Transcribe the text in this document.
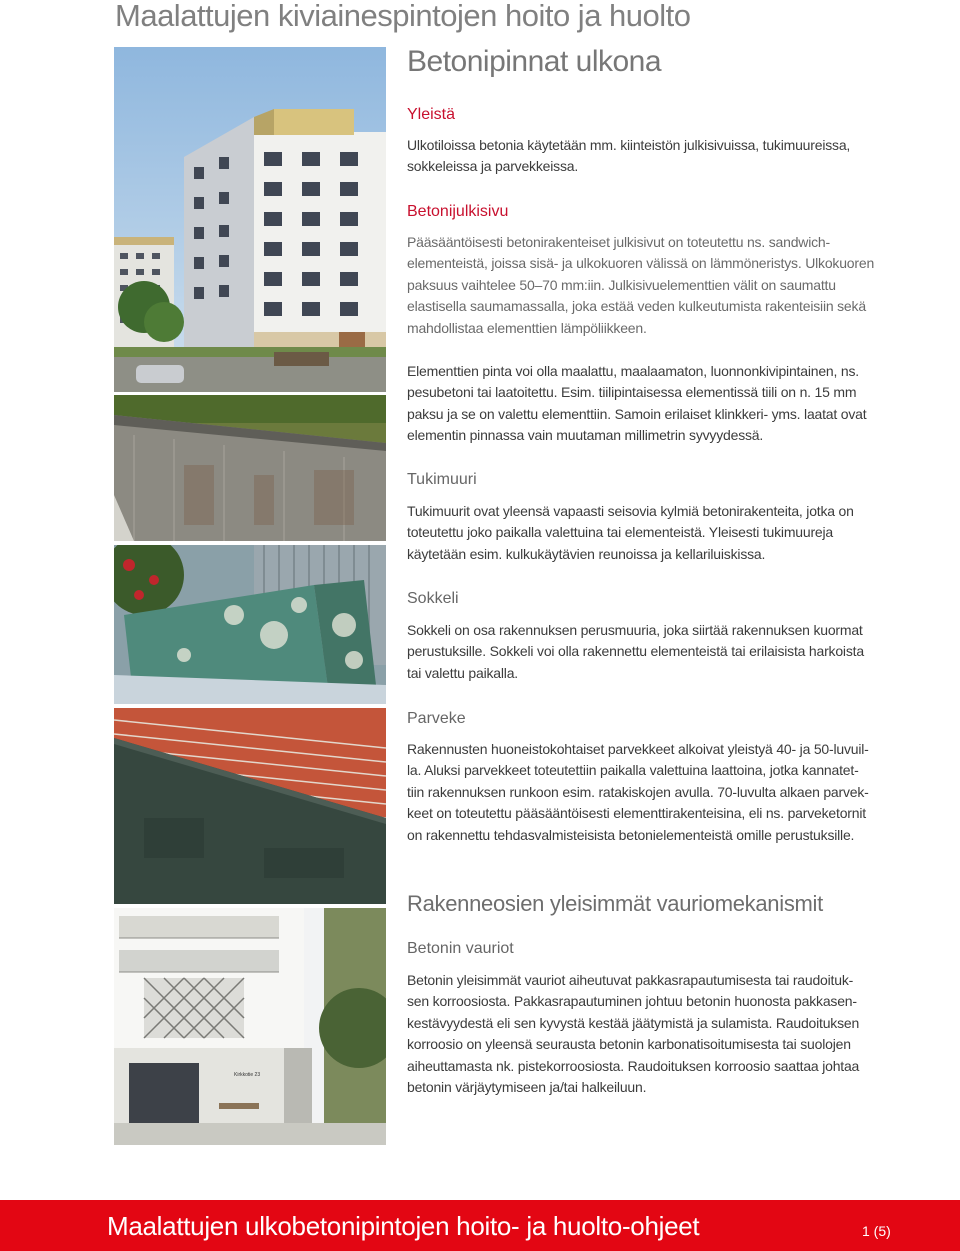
Maalattujen kiviainespintojen hoito ja huolto
Kirkkotie 23
Betonipinnat ulkona
Yleistä
Ulkotiloissa betonia käytetään mm. kiinteistön julkisivuissa, tukimuureissa,
sokkeleissa ja parvekkeissa.
Betonijulkisivu
Pääsääntöisesti betonirakenteiset julkisivut on toteutettu ns. sandwich-
elementeistä, joissa sisä- ja ulkokuoren välissä on lämmöneristys. Ulkokuoren
paksuus vaihtelee 50–70 mm:iin. Julkisivuelementtien välit on saumattu
elastisella saumamassalla, joka estää veden kulkeutumista rakenteisiin sekä
mahdollistaa elementtien lämpöliikkeen.
Elementtien pinta voi olla maalattu, maalaamaton, luonnonkivipintainen, ns.
pesubetoni tai laatoitettu. Esim. tiilipintaisessa elementissä tiili on n. 15 mm
paksu ja se on valettu elementtiin. Samoin erilaiset klinkkeri- yms. laatat ovat
elementin pinnassa vain muutaman millimetrin syvyydessä.
Tukimuuri
Tukimuurit ovat yleensä vapaasti seisovia kylmiä betonirakenteita, jotka on
toteutettu joko paikalla valettuina tai elementeistä. Yleisesti tukimuureja
käytetään esim. kulkukäytävien reunoissa ja kellariluiskissa.
Sokkeli
Sokkeli on osa rakennuksen perusmuuria, joka siirtää rakennuksen kuormat
perustuksille. Sokkeli voi olla rakennettu elementeistä tai erilaisista harkoista
tai valettu paikalla.
Parveke
Rakennusten huoneistokohtaiset parvekkeet alkoivat yleistyä 40- ja 50-luvuil-
la. Aluksi parvekkeet toteutettiin paikalla valettuina laattoina, jotka kannatet-
tiin rakennuksen runkoon esim. ratakiskojen avulla. 70-luvulta alkaen parvek-
keet on toteutettu pääsääntöisesti elementtirakenteisina, eli ns. parveketornit
on rakennettu tehdasvalmisteisista betonielementeistä omille perustuksille.
Rakenneosien yleisimmät vauriomekanismit
Betonin vauriot
Betonin yleisimmät vauriot aiheutuvat pakkasrapautumisesta tai raudoituk-
sen korroosiosta. Pakkasrapautuminen johtuu betonin huonosta pakkasen-
kestävyydestä eli sen kyvystä kestää jäätymistä ja sulamista. Raudoituksen
korroosio on yleensä seurausta betonin karbonatisoitumisesta tai suolojen
aiheuttamasta nk. pistekorroosiosta. Raudoituksen korroosio saattaa johtaa
betonin värjäytymiseen ja/tai halkeiluun.
Maalattujen ulkobetonipintojen hoito- ja huolto-ohjeet	1 (5)
